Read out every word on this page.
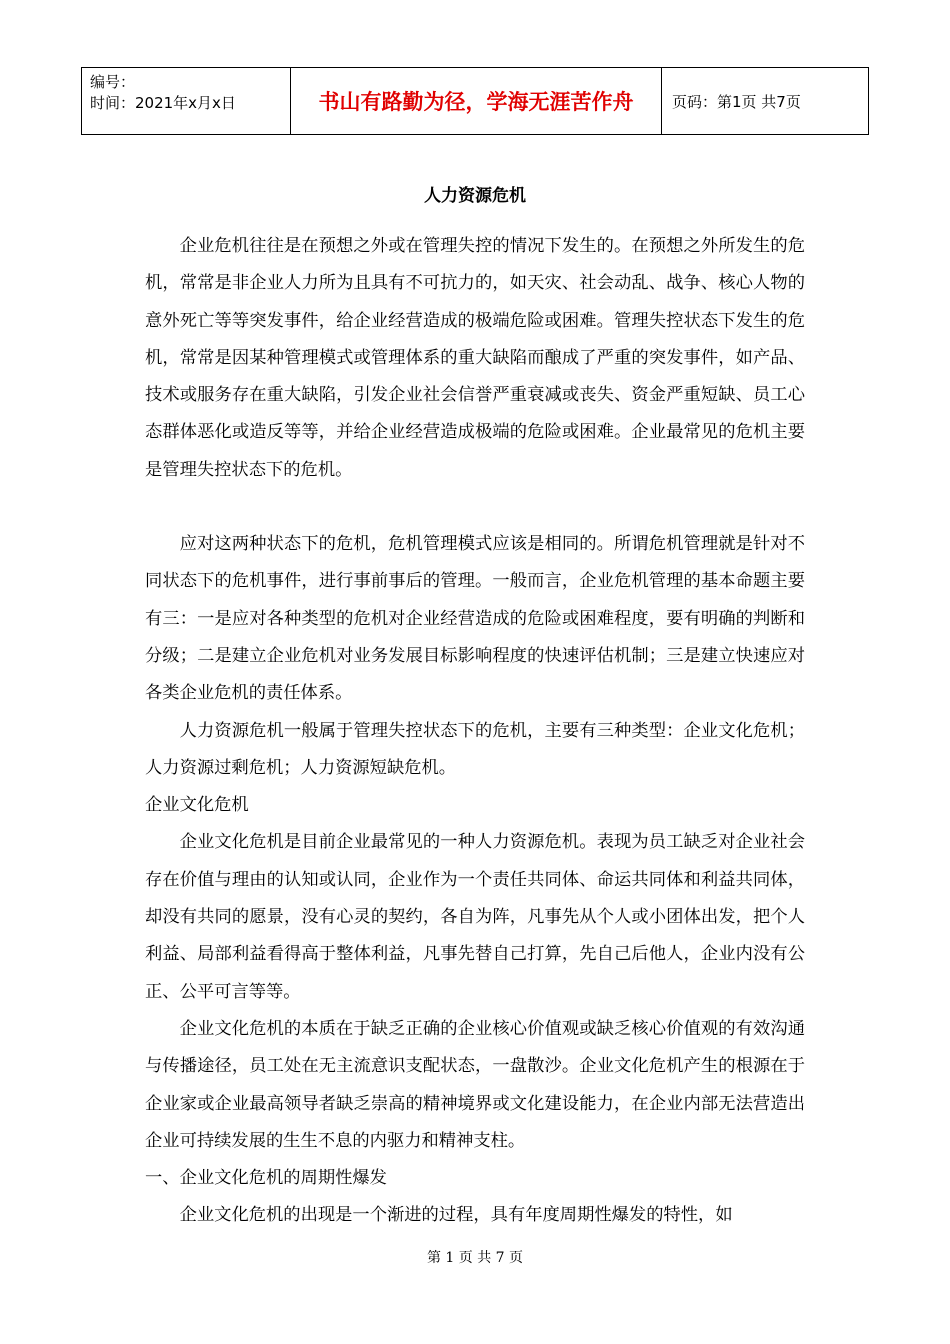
编号：
时间：2021年x月x日	书山有路勤为径，学海无涯苦作舟	页码：第1页 共7页
人力资源危机

企业危机往往是在预想之外或在管理失控的情况下发生的。在预想之外所发生的危机，常常是非企业人力所为且具有不可抗力的，如天灾、社会动乱、战争、核心人物的意外死亡等等突发事件，给企业经营造成的极端危险或困难。管理失控状态下发生的危机，常常是因某种管理模式或管理体系的重大缺陷而酿成了严重的突发事件，如产品、技术或服务存在重大缺陷，引发企业社会信誉严重衰减或丧失、资金严重短缺、员工心态群体恶化或造反等等，并给企业经营造成极端的危险或困难。企业最常见的危机主要是管理失控状态下的危机。

应对这两种状态下的危机，危机管理模式应该是相同的。所谓危机管理就是针对不同状态下的危机事件，进行事前事后的管理。一般而言，企业危机管理的基本命题主要有三：一是应对各种类型的危机对企业经营造成的危险或困难程度，要有明确的判断和分级；二是建立企业危机对业务发展目标影响程度的快速评估机制；三是建立快速应对各类企业危机的责任体系。

人力资源危机一般属于管理失控状态下的危机，主要有三种类型：企业文化危机；人力资源过剩危机；人力资源短缺危机。

企业文化危机

企业文化危机是目前企业最常见的一种人力资源危机。表现为员工缺乏对企业社会存在价值与理由的认知或认同，企业作为一个责任共同体、命运共同体和利益共同体，却没有共同的愿景，没有心灵的契约，各自为阵，凡事先从个人或小团体出发，把个人利益、局部利益看得高于整体利益，凡事先替自己打算，先自己后他人，企业内没有公正、公平可言等等。

企业文化危机的本质在于缺乏正确的企业核心价值观或缺乏核心价值观的有效沟通与传播途径，员工处在无主流意识支配状态，一盘散沙。企业文化危机产生的根源在于企业家或企业最高领导者缺乏崇高的精神境界或文化建设能力，在企业内部无法营造出企业可持续发展的生生不息的内驱力和精神支柱。

一、企业文化危机的周期性爆发

企业文化危机的出现是一个渐进的过程，具有年度周期性爆发的特性，如

第 1 页 共 7 页
